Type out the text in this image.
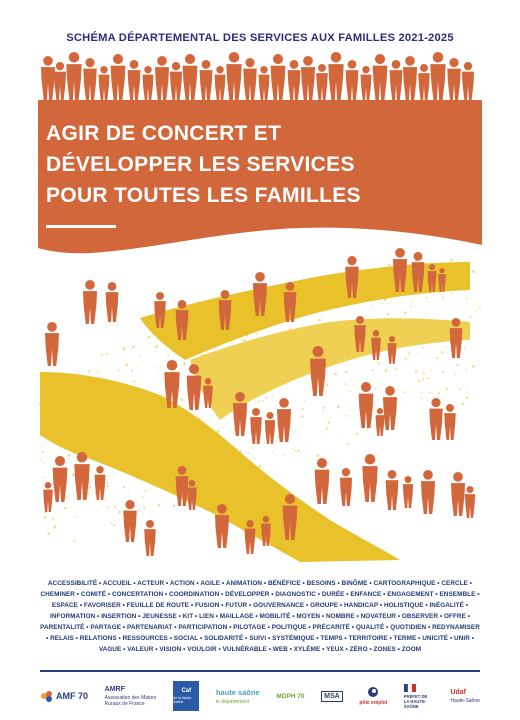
SCHÉMA DÉPARTEMENTAL DES SERVICES AUX FAMILLES 2021-2025
AGIR DE CONCERT ET
DÉVELOPPER LES SERVICES
POUR TOUTES LES FAMILLES
ACCESSIBILITÉ • ACCUEIL • ACTEUR • ACTION • AGILE • ANIMATION • BÉNÉFICE • BESOINS • BINÔME • CARTOGRAPHIQUE • CERCLE • CHEMINER • COMITÉ • CONCERTATION • COORDINATION • DÉVELOPPER • DIAGNOSTIC • DURÉE • ENFANCE • ENGAGEMENT • ENSEMBLE • ESPACE • FAVORISER • FEUILLE DE ROUTE • FUSION • FUTUR • GOUVERNANCE • GROUPE • HANDICAP • HOLISTIQUE • INÉGALITÉ • INFORMATION • INSERTION • JEUNESSE • KIT • LIEN • MAILLAGE • MOBILITÉ • MOYEN • NOMBRE • NOVATEUR • OBSERVER • OFFRE • PARENTALITÉ • PARTAGE • PARTENARIAT • PARTICIPATION • PILOTAGE • POLITIQUE • PRÉCARITÉ • QUALITÉ • QUOTIDIEN • REDYNAMISER • RELAIS • RELATIONS • RESSOURCES • SOCIAL • SOLIDARITÉ • SUIVI • SYSTÉMIQUE • TEMPS • TERRITOIRE • TERME • UNICITÉ • UNIR • VAGUE • VALEUR • VISION • VOULOIR • VULNÉRABLE • WEB • XYLÈME • YEUX • ZÉRO • ZONES • ZOOM
AMF 70
AMRF
Association des Maires Ruraux de France
Caf
de la Haute-Saône
haute saône
le département
MDPH 70	MSA
pôle emploi
PRÉFET DE LA HAUTE-SAÔNE
Udaf
Haute-Saône
